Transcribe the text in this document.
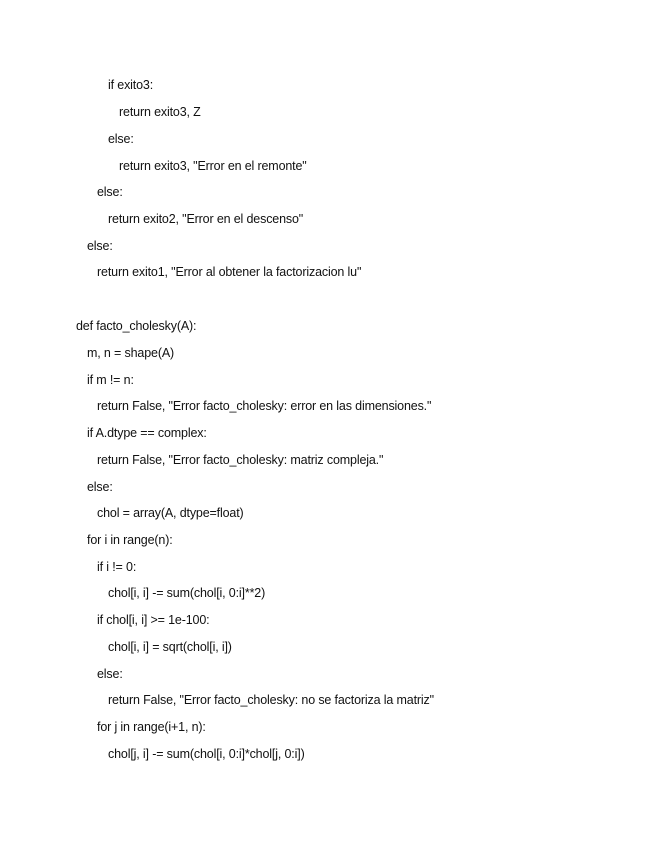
if exito3:
return exito3, Z
else:
return exito3, "Error en el remonte"
else:
return exito2, "Error en el descenso"
else:
return exito1, "Error al obtener la factorizacion lu"
def facto_cholesky(A):
m, n = shape(A)
if m != n:
return False, "Error facto_cholesky: error en las dimensiones."
if A.dtype == complex:
return False, "Error facto_cholesky: matriz compleja."
else:
chol = array(A, dtype=float)
for i in range(n):
if i != 0:
chol[i, i] -= sum(chol[i, 0:i]**2)
if chol[i, i] >= 1e-100:
chol[i, i] = sqrt(chol[i, i])
else:
return False, "Error facto_cholesky: no se factoriza la matriz"
for j in range(i+1, n):
chol[j, i] -= sum(chol[i, 0:i]*chol[j, 0:i])
